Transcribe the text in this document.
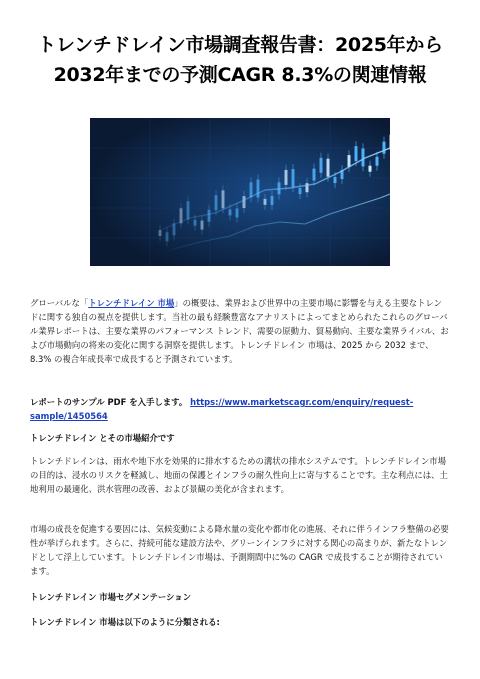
トレンチドレイン市場調査報告書：2025年から
2032年までの予測CAGR 8.3%の関連情報

グローバルな「トレンチドレイン 市場」の概要は、業界および世界中の主要市場に影響を与える主要なトレンドに関する独自の視点を提供します。当社の最も経験豊富なアナリストによってまとめられたこれらのグローバル業界レポートは、主要な業界のパフォーマンス トレンド、需要の原動力、貿易動向、主要な業界ライバル、および市場動向の将来の変化に関する洞察を提供します。トレンチドレイン 市場は、2025 から 2032 まで、8.3% の複合年成長率で成長すると予測されています。

レポートのサンプル PDF を入手します。 https://www.marketscagr.com/enquiry/request-sample/1450564

トレンチドレイン とその市場紹介です

トレンチドレインは、雨水や地下水を効果的に排水するための溝状の排水システムです。トレンチドレイン市場の目的は、浸水のリスクを軽減し、地面の保護とインフラの耐久性向上に寄与することです。主な利点には、土地利用の最適化、洪水管理の改善、および景観の美化が含まれます。

市場の成長を促進する要因には、気候変動による降水量の変化や都市化の進展、それに伴うインフラ整備の必要性が挙げられます。さらに、持続可能な建設方法や、グリーンインフラに対する関心の高まりが、新たなトレンドとして浮上しています。トレンチドレイン市場は、予測期間中に%の CAGR で成長することが期待されています。

トレンチドレイン 市場セグメンテーション

トレンチドレイン 市場は以下のように分類される:
